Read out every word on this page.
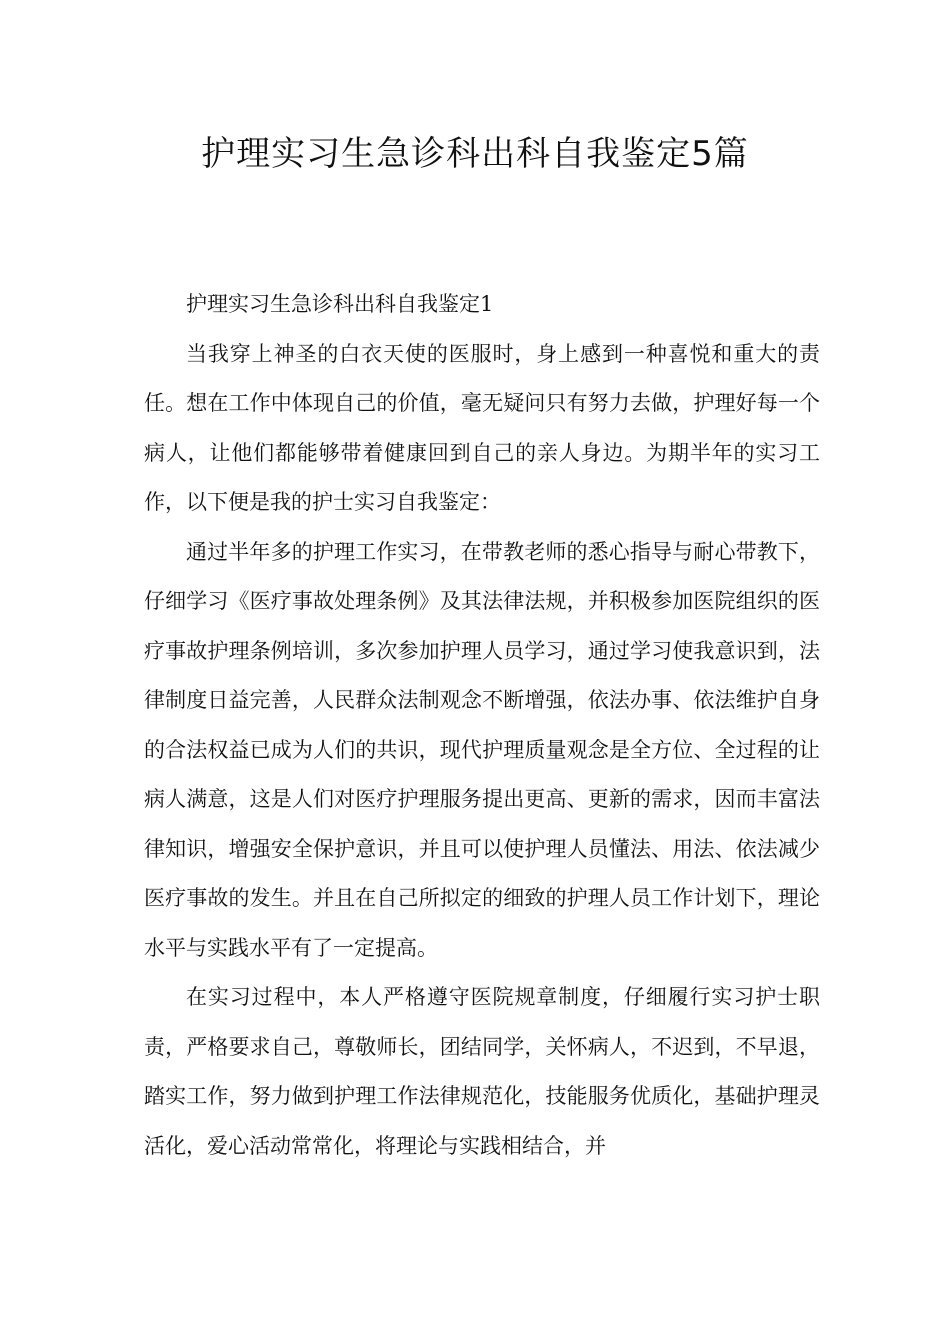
护理实习生急诊科出科自我鉴定5篇

护理实习生急诊科出科自我鉴定1

当我穿上神圣的白衣天使的医服时，身上感到一种喜悦和重大的责任。想在工作中体现自己的价值，毫无疑问只有努力去做，护理好每一个病人，让他们都能够带着健康回到自己的亲人身边。为期半年的实习工作，以下便是我的护士实习自我鉴定：

通过半年多的护理工作实习，在带教老师的悉心指导与耐心带教下，仔细学习《医疗事故处理条例》及其法律法规，并积极参加医院组织的医疗事故护理条例培训，多次参加护理人员学习，通过学习使我意识到，法律制度日益完善，人民群众法制观念不断增强，依法办事、依法维护自身的合法权益已成为人们的共识，现代护理质量观念是全方位、全过程的让病人满意，这是人们对医疗护理服务提出更高、更新的需求，因而丰富法律知识，增强安全保护意识，并且可以使护理人员懂法、用法、依法减少医疗事故的发生。并且在自己所拟定的细致的护理人员工作计划下，理论水平与实践水平有了一定提高。

在实习过程中，本人严格遵守医院规章制度，仔细履行实习护士职责，严格要求自己，尊敬师长，团结同学，关怀病人，不迟到，不早退，踏实工作，努力做到护理工作法律规范化，技能服务优质化，基础护理灵活化，爱心活动常常化，将理论与实践相结合，并
